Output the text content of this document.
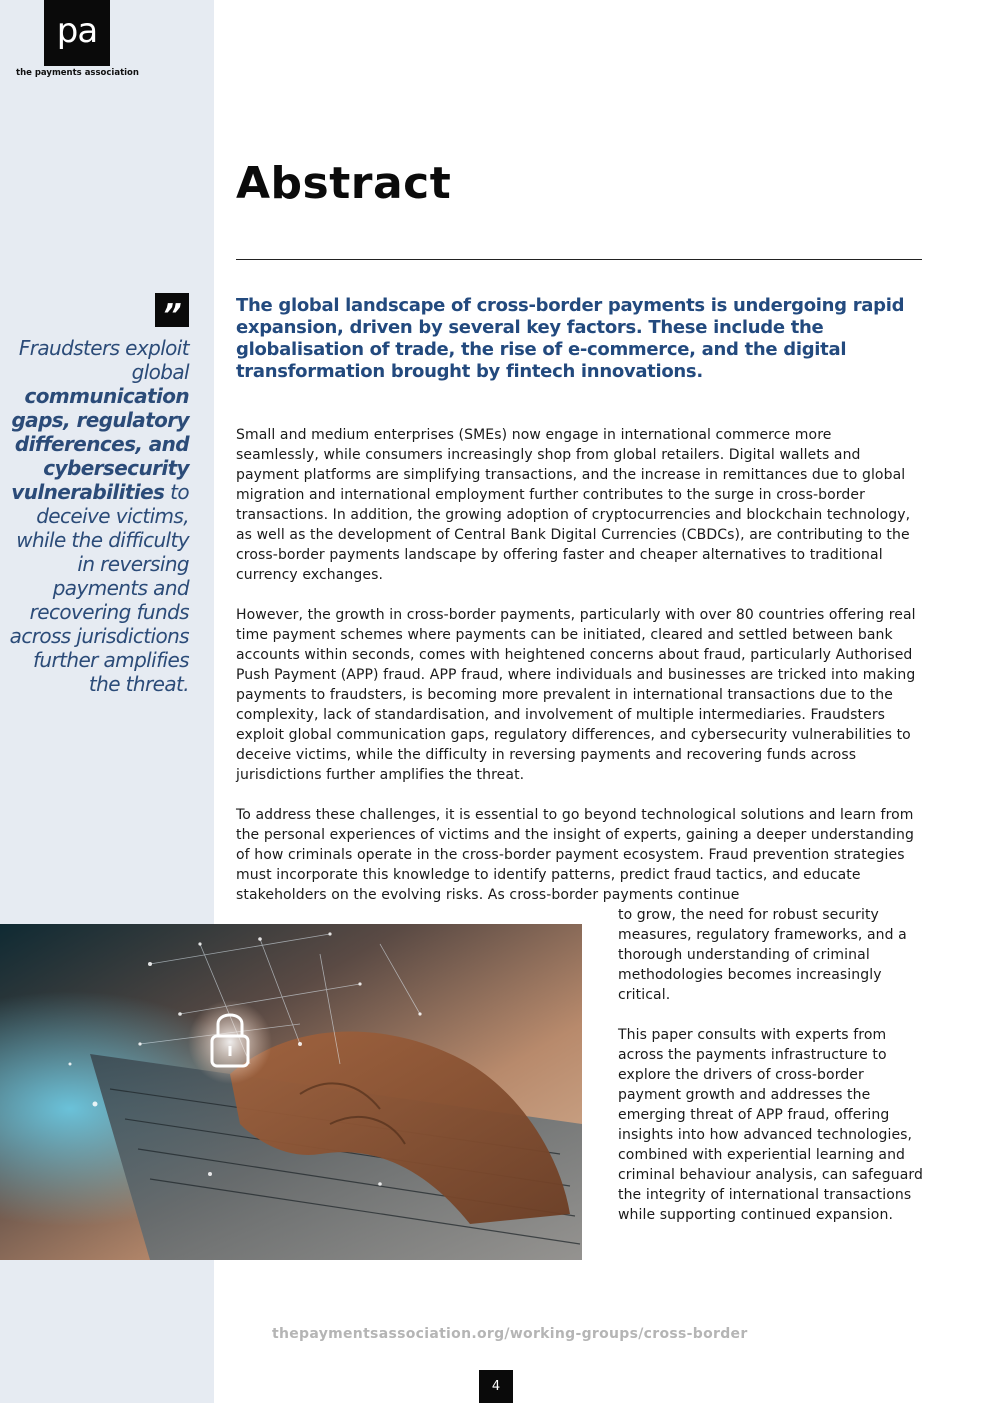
pa
the payments association
”
Fraudsters exploit global communication gaps, regulatory differences, and cybersecurity vulnerabilities to deceive victims, while the difficulty in reversing payments and recovering funds across jurisdictions further amplifies the threat.
Abstract

The global landscape of cross-border payments is undergoing rapid expansion, driven by several key factors. These include the globalisation of trade, the rise of e-commerce, and the digital transformation brought by fintech innovations.

Small and medium enterprises (SMEs) now engage in international commerce more seamlessly, while consumers increasingly shop from global retailers. Digital wallets and payment platforms are simplifying transactions, and the increase in remittances due to global migration and international employment further contributes to the surge in cross-border transactions. In addition, the growing adoption of cryptocurrencies and blockchain technology, as well as the development of Central Bank Digital Currencies (CBDCs), are contributing to the cross-border payments landscape by offering faster and cheaper alternatives to traditional currency exchanges.

However, the growth in cross-border payments, particularly with over 80 countries offering real time payment schemes where payments can be initiated, cleared and settled between bank accounts within seconds, comes with heightened concerns about fraud, particularly Authorised Push Payment (APP) fraud. APP fraud, where individuals and businesses are tricked into making payments to fraudsters, is becoming more prevalent in international transactions due to the complexity, lack of standardisation, and involvement of multiple intermediaries. Fraudsters exploit global communication gaps, regulatory differences, and cybersecurity vulnerabilities to deceive victims, while the difficulty in reversing payments and recovering funds across jurisdictions further amplifies the threat.

To address these challenges, it is essential to go beyond technological solutions and learn from the personal experiences of victims and the insight of experts, gaining a deeper understanding of how criminals operate in the cross-border payment ecosystem. Fraud prevention strategies must incorporate this knowledge to identify patterns, predict fraud tactics, and educate stakeholders on the evolving risks. As cross-border payments continue

to grow, the need for robust security measures, regulatory frameworks, and a thorough understanding of criminal methodologies becomes increasingly critical.

This paper consults with experts from across the payments infrastructure to explore the drivers of cross-border payment growth and addresses the emerging threat of APP fraud, offering insights into how advanced technologies, combined with experiential learning and criminal behaviour analysis, can safeguard the integrity of international transactions while supporting continued expansion.

thepaymentsassociation.org/working-groups/cross-border
4
